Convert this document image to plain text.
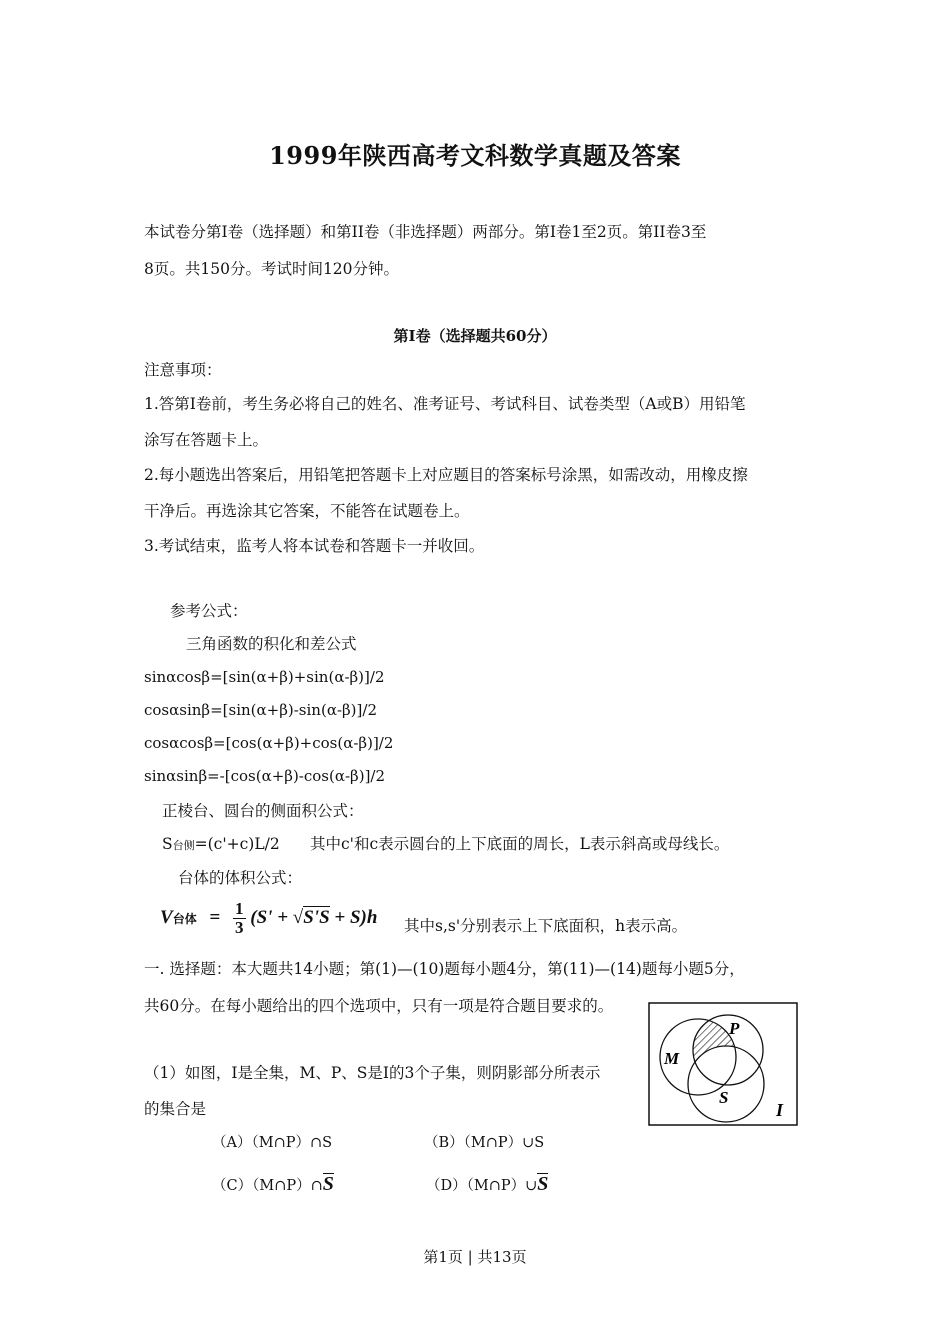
1999年陕西高考文科数学真题及答案
本试卷分第Ⅰ卷（选择题）和第II卷（非选择题）两部分。第Ⅰ卷1至2页。第II卷3至
8页。共150分。考试时间120分钟。
第Ⅰ卷（选择题共60分）
注意事项：
1.答第Ⅰ卷前，考生务必将自己的姓名、准考证号、考试科目、试卷类型（A或B）用铅笔
涂写在答题卡上。
2.每小题选出答案后，用铅笔把答题卡上对应题目的答案标号涂黑，如需改动，用橡皮擦
干净后。再选涂其它答案，不能答在试题卷上。
3.考试结束，监考人将本试卷和答题卡一并收回。
参考公式：
三角函数的积化和差公式
sinαcosβ=[sin(α+β)+sin(α-β)]/2
cosαsinβ=[sin(α+β)-sin(α-β)]/2
cosαcosβ=[cos(α+β)+cos(α-β)]/2
sinαsinβ=-[cos(α+β)-cos(α-β)]/2
正棱台、圆台的侧面积公式：
S台侧=(c'+c)L/2 其中c'和c表示圆台的上下底面的周长，L表示斜高或母线长。
台体的体积公式：
V台体 = $\frac{1}{3} (S' + √S'S + S)h$ 其中s,s'分别表示上下底面积，h表示高。
一. 选择题：本大题共14小题；第(1)—(10)题每小题4分，第(11)—(14)题每小题5分，
共60分。在每小题给出的四个选项中，只有一项是符合题目要求的。
（1）如图，I是全集，M、P、S是I的3个子集，则阴影部分所表示
的集合是
（A）（M∩P）∩S	（B）（M∩P）∪S
（C）（M∩P）∩S	（D）（M∩P）∪S
M
P
S
I
第1页 | 共13页
